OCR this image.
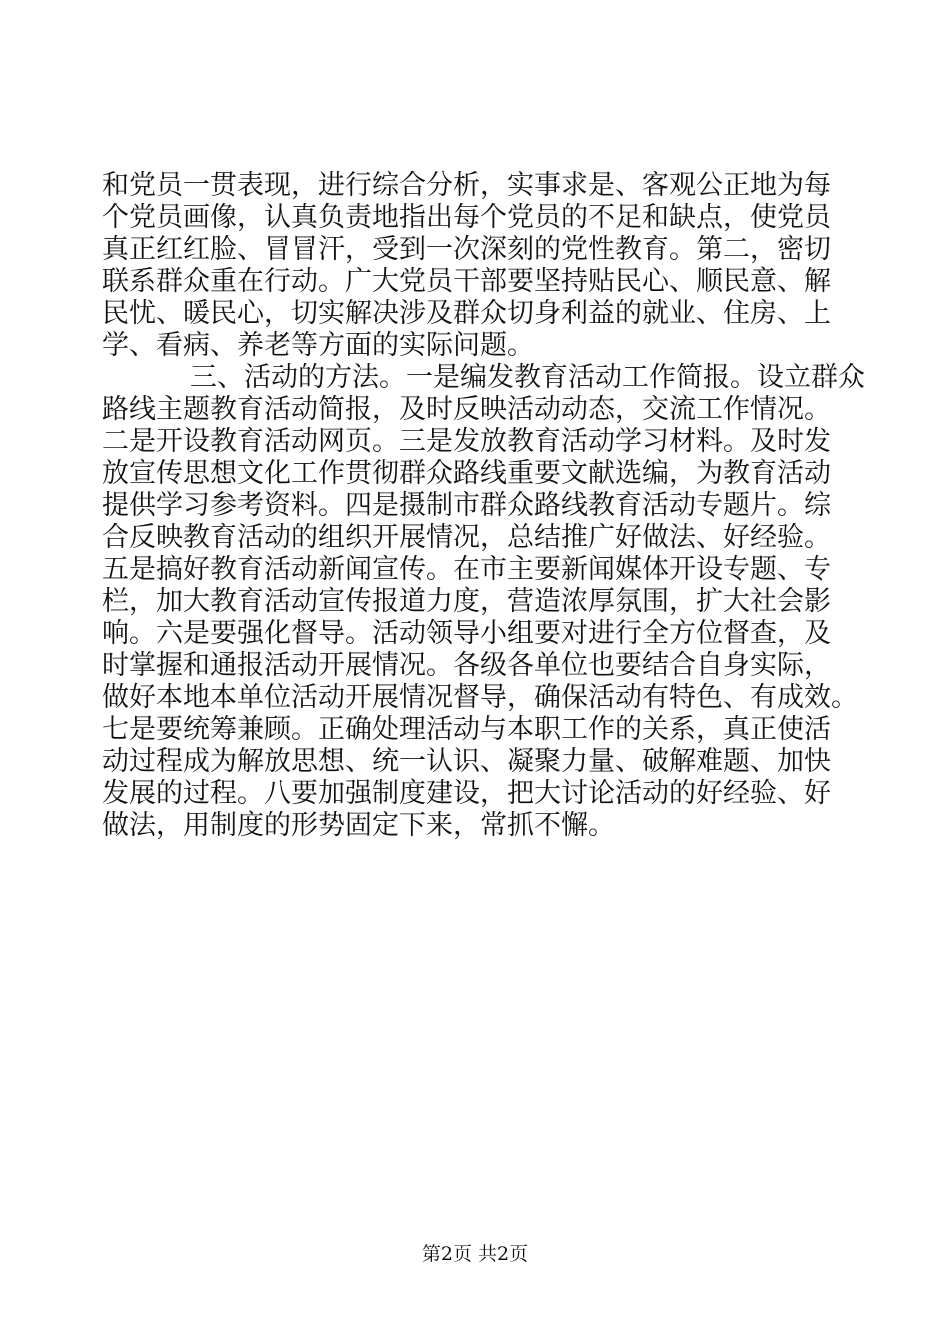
和党员一贯表现，进行综合分析，实事求是、客观公正地为每
个党员画像，认真负责地指出每个党员的不足和缺点，使党员
真正红红脸、冒冒汗，受到一次深刻的党性教育。第二，密切
联系群众重在行动。广大党员干部要坚持贴民心、顺民意、解
民忧、暖民心，切实解决涉及群众切身利益的就业、住房、上
学、看病、养老等方面的实际问题。
三、活动的方法。一是编发教育活动工作简报。设立群众
路线主题教育活动简报，及时反映活动动态，交流工作情况。
二是开设教育活动网页。三是发放教育活动学习材料。及时发
放宣传思想文化工作贯彻群众路线重要文献选编，为教育活动
提供学习参考资料。四是摄制市群众路线教育活动专题片。综
合反映教育活动的组织开展情况，总结推广好做法、好经验。
五是搞好教育活动新闻宣传。在市主要新闻媒体开设专题、专
栏，加大教育活动宣传报道力度，营造浓厚氛围，扩大社会影
响。六是要强化督导。活动领导小组要对进行全方位督查，及
时掌握和通报活动开展情况。各级各单位也要结合自身实际，
做好本地本单位活动开展情况督导，确保活动有特色、有成效。
七是要统筹兼顾。正确处理活动与本职工作的关系，真正使活
动过程成为解放思想、统一认识、凝聚力量、破解难题、加快
发展的过程。八要加强制度建设，把大讨论活动的好经验、好
做法，用制度的形势固定下来，常抓不懈。
第2页 共2页
